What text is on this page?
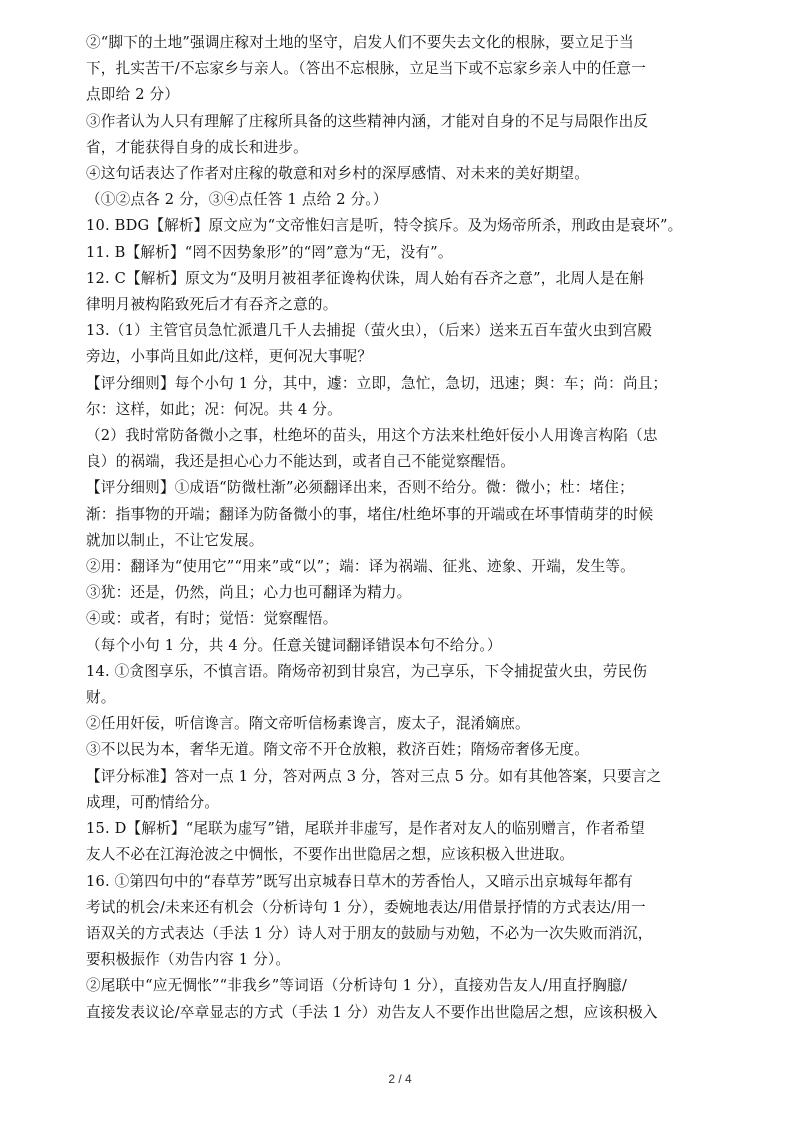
②“脚下的土地”强调庄稼对土地的坚守，启发人们不要失去文化的根脉，要立足于当

下，扎实苦干/不忘家乡与亲人。（答出不忘根脉，立足当下或不忘家乡亲人中的任意一

点即给 2 分）

③作者认为人只有理解了庄稼所具备的这些精神内涵，才能对自身的不足与局限作出反

省，才能获得自身的成长和进步。

④这句话表达了作者对庄稼的敬意和对乡村的深厚感情、对未来的美好期望。

（①②点各 2 分，③④点任答 1 点给 2 分。）

10. BDG【解析】原文应为“文帝惟妇言是听，特令摈斥。及为炀帝所杀，刑政由是衰坏”。

11. B【解析】“罔不因势象形”的“罔”意为“无，没有”。

12. C【解析】原文为“及明月被祖孝征谗构伏诛，周人始有吞齐之意”，北周人是在斛

律明月被构陷致死后才有吞齐之意的。

13.（1）主管官员急忙派遣几千人去捕捉（萤火虫），（后来）送来五百车萤火虫到宫殿

旁边，小事尚且如此/这样，更何况大事呢？

【评分细则】每个小句 1 分，其中，遽：立即，急忙，急切，迅速；舆：车；尚：尚且；

尔：这样，如此；况：何况。共 4 分。

（2）我时常防备微小之事，杜绝坏的苗头，用这个方法来杜绝奸佞小人用谗言构陷（忠

良）的祸端，我还是担心心力不能达到，或者自己不能觉察醒悟。

【评分细则】①成语“防微杜渐”必须翻译出来，否则不给分。微：微小；杜：堵住；

渐：指事物的开端；翻译为防备微小的事，堵住/杜绝坏事的开端或在坏事情萌芽的时候

就加以制止，不让它发展。

②用：翻译为“使用它”“用来”或“以”；端：译为祸端、征兆、迹象、开端，发生等。

③犹：还是，仍然，尚且；心力也可翻译为精力。

④或：或者，有时；觉悟：觉察醒悟。

（每个小句 1 分，共 4 分。任意关键词翻译错误本句不给分。）

14. ①贪图享乐，不慎言语。隋炀帝初到甘泉宫，为己享乐，下令捕捉萤火虫，劳民伤

财。

②任用奸佞，听信谗言。隋文帝听信杨素谗言，废太子，混淆嫡庶。

③不以民为本，奢华无道。隋文帝不开仓放粮，救济百姓；隋炀帝奢侈无度。

【评分标准】答对一点 1 分，答对两点 3 分，答对三点 5 分。如有其他答案，只要言之

成理，可酌情给分。

15. D【解析】“尾联为虚写”错，尾联并非虚写，是作者对友人的临别赠言，作者希望

友人不必在江海沧波之中惆怅，不要作出世隐居之想，应该积极入世进取。

16. ①第四句中的“春草芳”既写出京城春日草木的芳香怡人，又暗示出京城每年都有

考试的机会/未来还有机会（分析诗句 1 分），委婉地表达/用借景抒情的方式表达/用一

语双关的方式表达（手法 1 分）诗人对于朋友的鼓励与劝勉，不必为一次失败而消沉，

要积极振作（劝告内容 1 分）。

②尾联中“应无惆怅”“非我乡”等词语（分析诗句 1 分），直接劝告友人/用直抒胸臆/

直接发表议论/卒章显志的方式（手法 1 分）劝告友人不要作出世隐居之想，应该积极入

2 / 4
